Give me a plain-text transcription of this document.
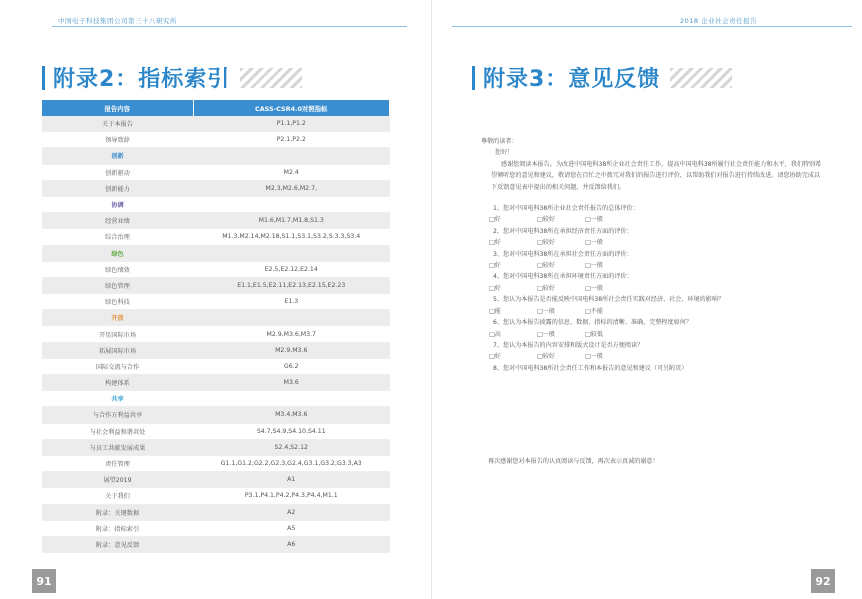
中国电子科技集团公司第三十八研究所
附录2：指标索引
报告内容	CASS-CSR4.0对照指标
关于本报告	P1.1,P1.2
领导致辞	P2.1,P2.2
创新	
创新驱动	M2.4
创新能力	M2.3,M2.6,M2.7,
协调	
经营业绩	M1.6,M1.7,M1.8,S1.3
综合治理	M1.3,M2.14,M2.18,S1.1,S3.1,S3.2,S.3.3,S3.4
绿色	
绿色绩效	E2.5,E2.12,E2.14
绿色管理	E1.1,E1.5,E2.11,E2.13,E2.15,E2.23
绿色科技	E1.3
开放	
开星国际市场	M2.9,M3.6,M3.7
拓展国际市场	M2.9,M3.6
国际交流与合作	G6.2
构建体系	M3.6
共享	
与合作方利益共享	M3.4,M3.6
与社会利益和谐共处	S4.7,S4.9,S4.10,S4.11
与员工共献发展成果	S2.4,S2.12
责任管理	G1.1,G1.2,G2.2,G2.3,G2.4,G3.1,G3.2,G3.3,A3
展望2019	A1
关于我们	P3.1,P4.1,P4.2,P4.3,P4.4,M1.1
附录：关键数据	A2
附录：指标索引	A5
附录：意见反馈	A6
91
2018 企业社会责任报告
附录3：意见反馈

尊敬的读者：

您好！

感谢您阅读本报告。为改进中国电科38所企业社会责任工作，提高中国电科38所履行社会责任能力和水平，我们特别希望倾听您的意见和建议，敬请您在百忙之中拨冗对我们的报告进行评价，以帮助我们对报告进行持续改进。请您协助完成以下反馈意见表中提出的相关问题，并反馈给我们。

1、您对中国电科38所企业社会责任报告的总体评价：

□好	□较好	□一般

2、您对中国电科38所在承担经济责任方面的评价：

□好	□较好	□一般

3、您对中国电科38所在承担社会责任方面的评价：

□好	□较好	□一般

4、您对中国电科38所在承担环境责任方面的评价：

□好	□较好	□一般

5、您认为本报告是否能反映中国电科38所社会责任实践对经济、社会、环境的影响？

□能	□一般	□不能

6、您认为本报告披露的信息、数据、指标的清晰、准确、完整程度如何？

□高	□一般	□较低

7、您认为本报告的内容安排和版式设计是否方便阅读？

□好	□较好	□一般

8、您对中国电科38所社会责任工作和本报告的意见和建议（可另附页）

再次感谢您对本报告的认真阅读与反馈，再次表示真诚的谢意！
92
